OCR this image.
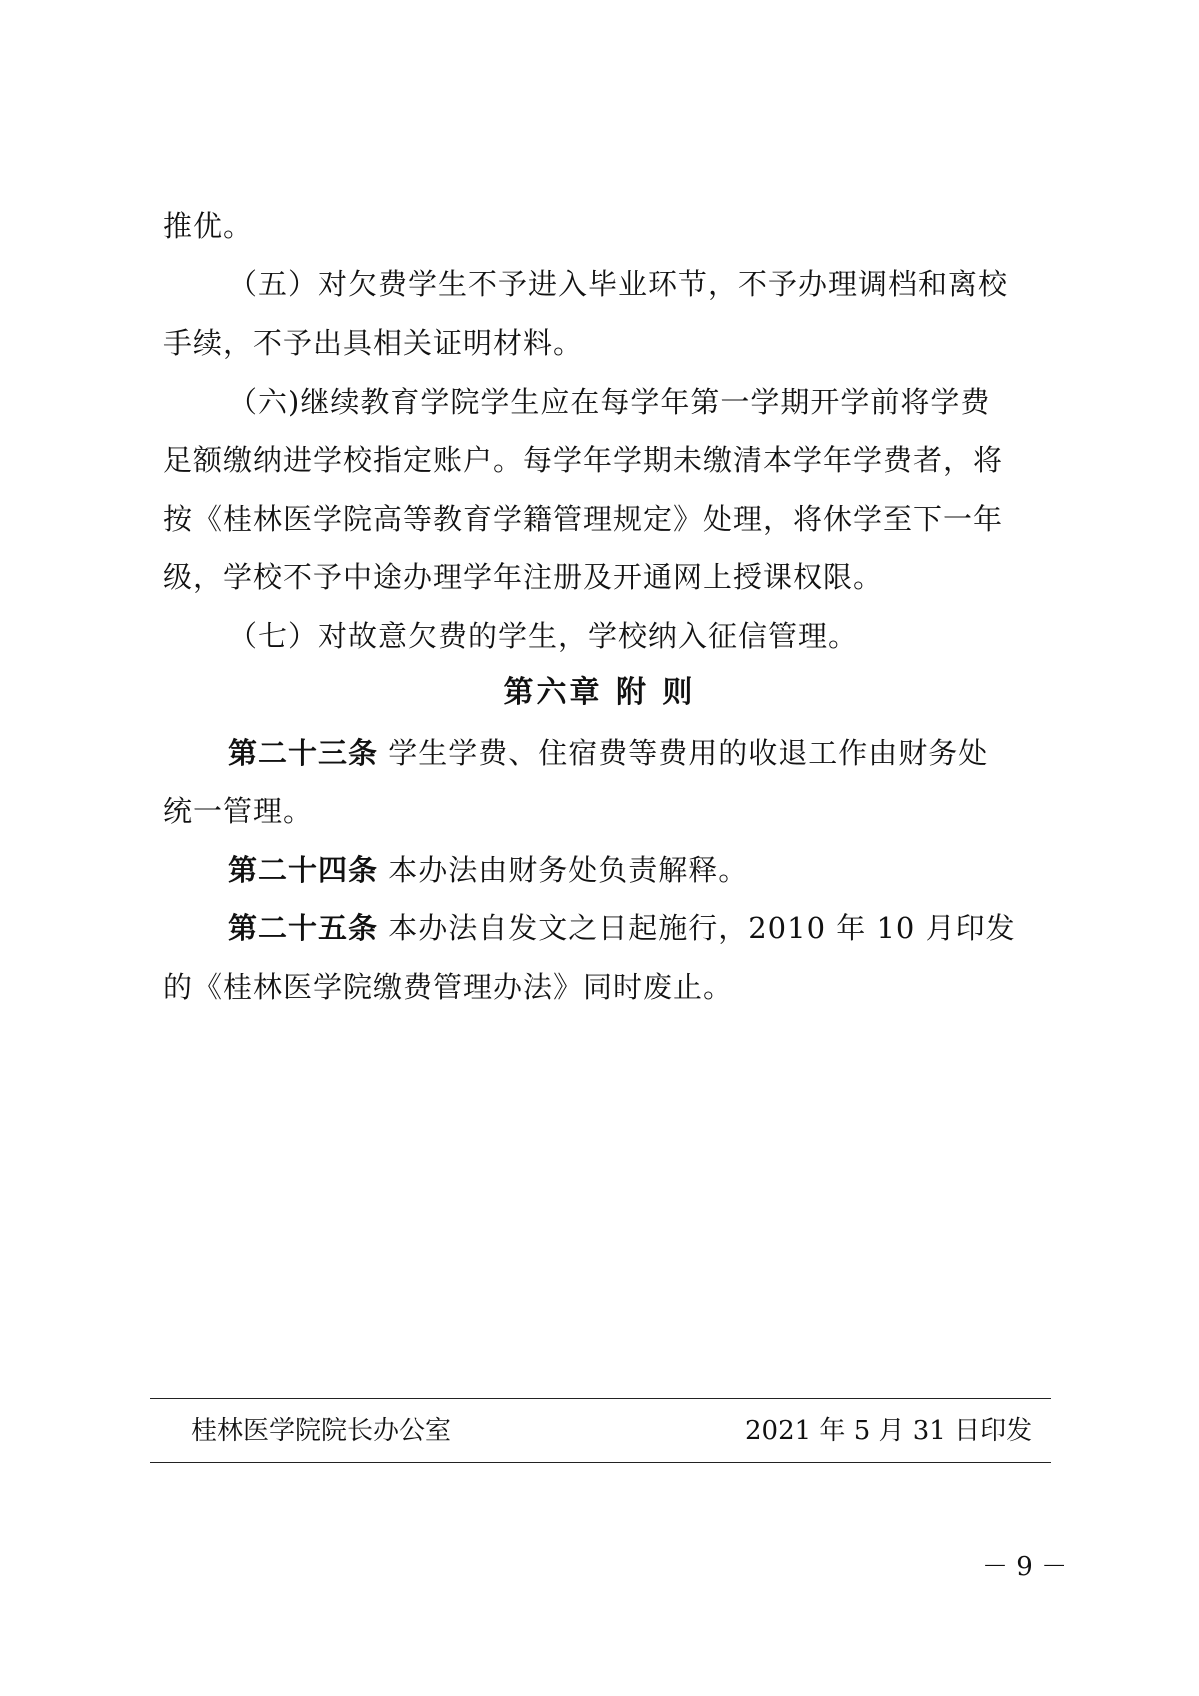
推优。
（五）对欠费学生不予进入毕业环节，不予办理调档和离校
手续，不予出具相关证明材料。
（六)继续教育学院学生应在每学年第一学期开学前将学费
足额缴纳进学校指定账户。每学年学期未缴清本学年学费者，将
按《桂林医学院高等教育学籍管理规定》处理，将休学至下一年
级，学校不予中途办理学年注册及开通网上授课权限。
（七）对故意欠费的学生，学校纳入征信管理。
第六章 附 则
第二十三条 学生学费、住宿费等费用的收退工作由财务处
统一管理。
第二十四条 本办法由财务处负责解释。
第二十五条 本办法自发文之日起施行，2010 年 10 月印发
的《桂林医学院缴费管理办法》同时废止。
桂林医学院院长办公室	2021 年 5 月 31 日印发
－ 9 －
